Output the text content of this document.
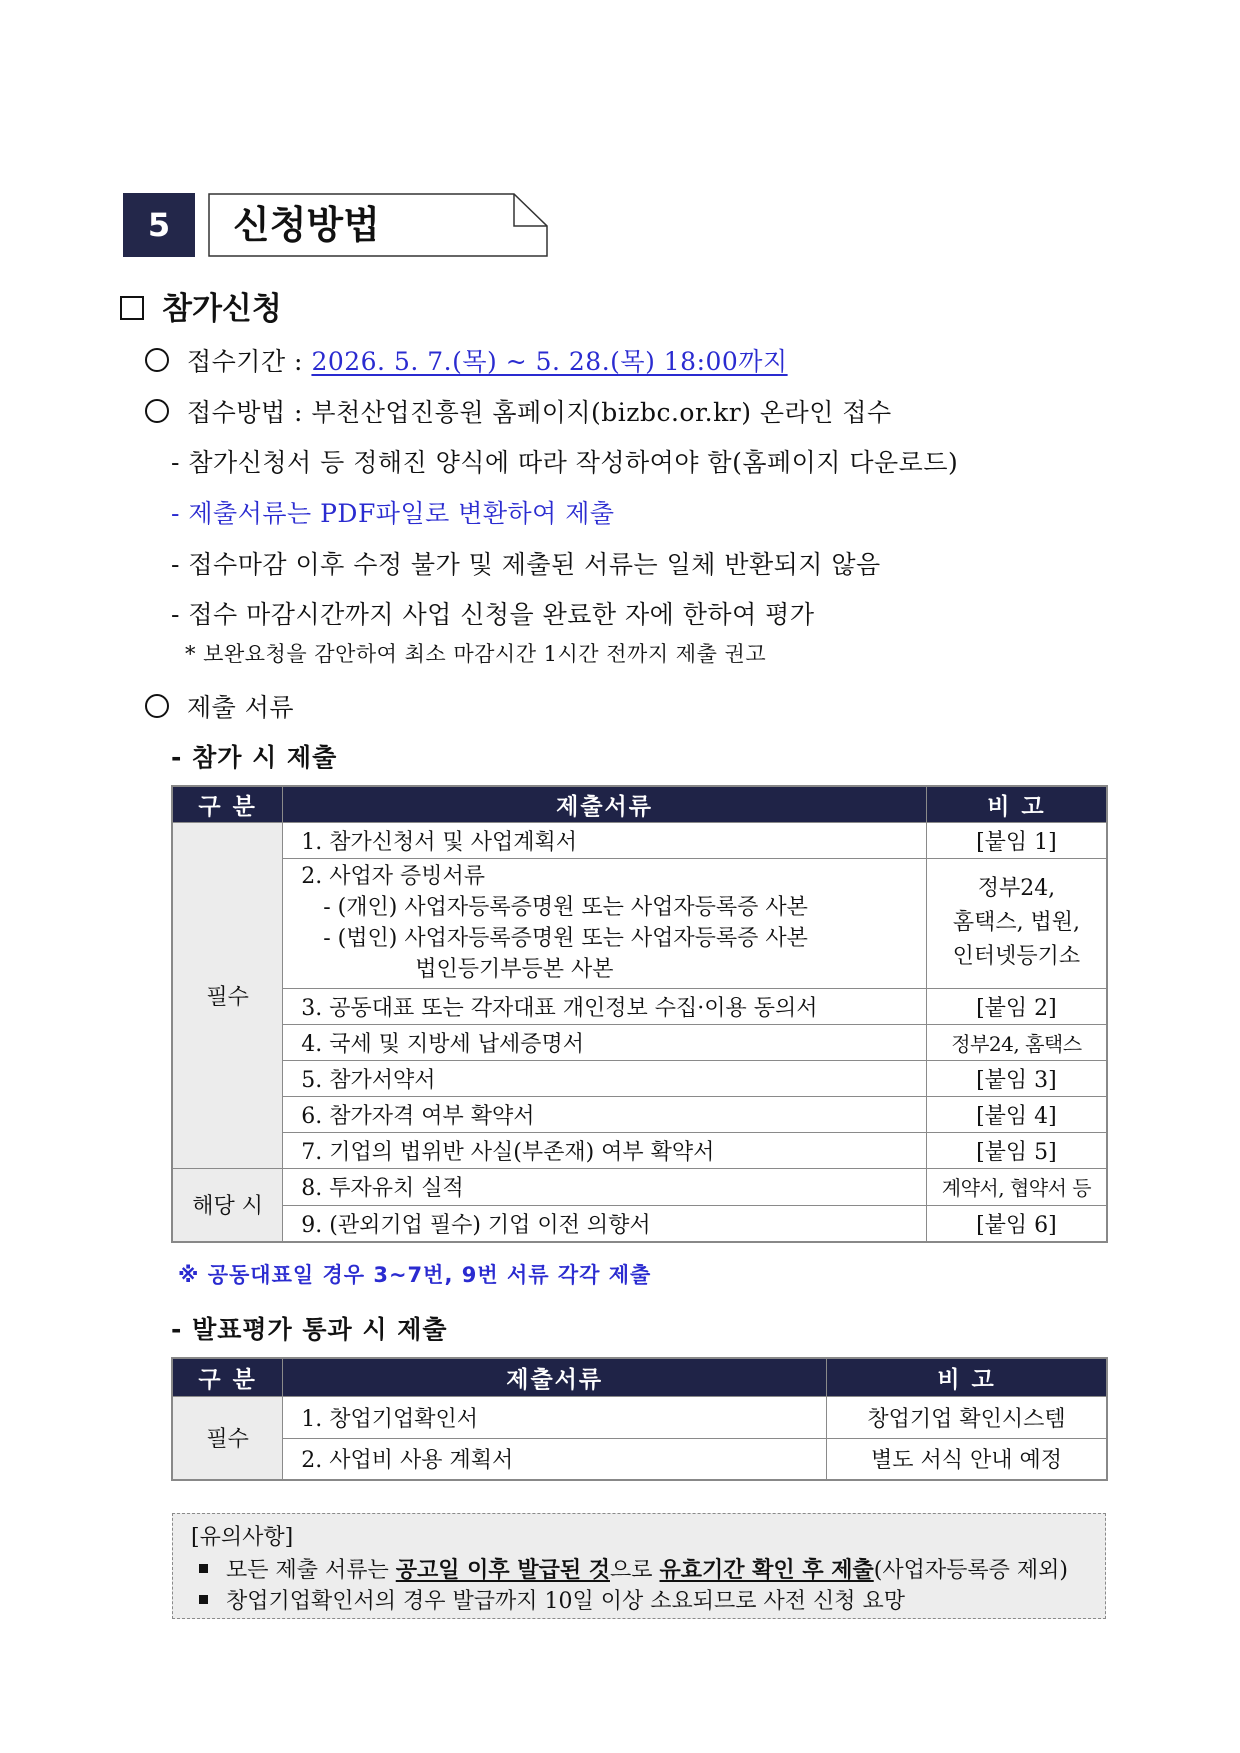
5	신청방법
참가신청
접수기간 : 2026. 5. 7.(목) ~ 5. 28.(목) 18:00까지
접수방법 : 부천산업진흥원 홈페이지(bizbc.or.kr) 온라인 접수
- 참가신청서 등 정해진 양식에 따라 작성하여야 함(홈페이지 다운로드)
- 제출서류는 PDF파일로 변환하여 제출
- 접수마감 이후 수정 불가 및 제출된 서류는 일체 반환되지 않음
- 접수 마감시간까지 사업 신청을 완료한 자에 한하여 평가
* 보완요청을 감안하여 최소 마감시간 1시간 전까지 제출 권고
제출 서류
- 참가 시 제출
구 분	제출서류	비 고
필수	1. 참가신청서 및 사업계획서	[붙임 1]

	2. 사업자 증빙서류
- (개인) 사업자등록증명원 또는 사업자등록증 사본
- (법인) 사업자등록증명원 또는 사업자등록증 사본
법인등기부등본 사본	정부24,
홈택스, 법원,
인터넷등기소

	3. 공동대표 또는 각자대표 개인정보 수집·이용 동의서	[붙임 2]
	4. 국세 및 지방세 납세증명서	정부24, 홈택스
	5. 참가서약서	[붙임 3]
	6. 참가자격 여부 확약서	[붙임 4]
	7. 기업의 법위반 사실(부존재) 여부 확약서	[붙임 5]
해당 시	8. 투자유치 실적	계약서, 협약서 등
	9. (관외기업 필수) 기업 이전 의향서	[붙임 6]
※ 공동대표일 경우 3~7번, 9번 서류 각각 제출
- 발표평가 통과 시 제출
구 분	제출서류	비 고
필수	1. 창업기업확인서	창업기업 확인시스템
	2. 사업비 사용 계획서	별도 서식 안내 예정
[유의사항]
모든 제출 서류는 공고일 이후 발급된 것으로 유효기간 확인 후 제출(사업자등록증 제외)
창업기업확인서의 경우 발급까지 10일 이상 소요되므로 사전 신청 요망
